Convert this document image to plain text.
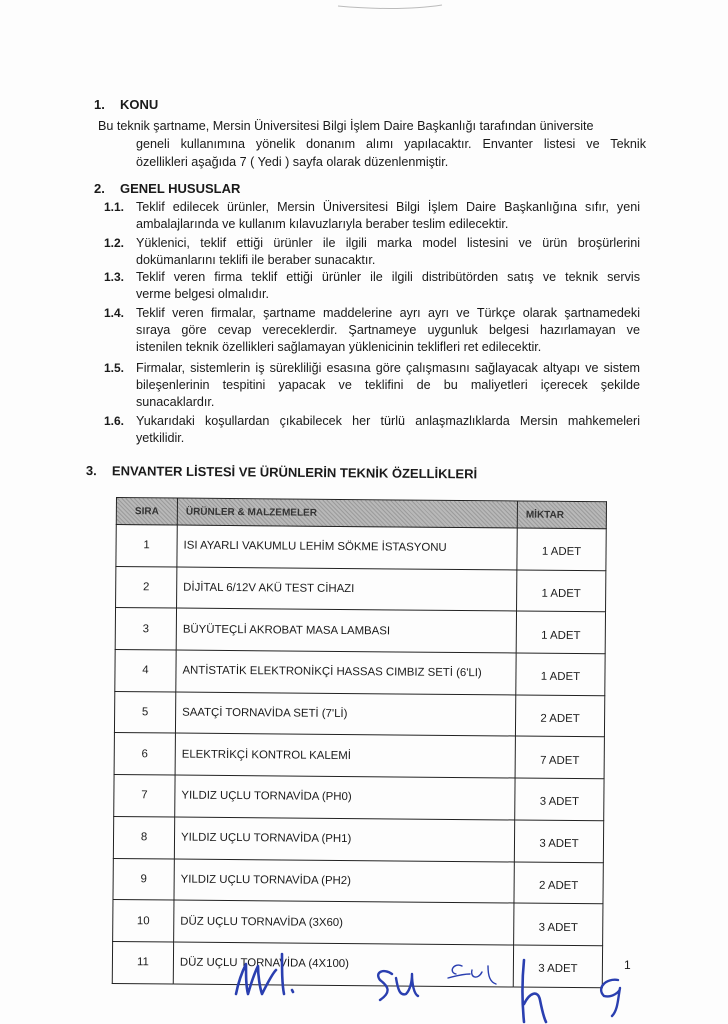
1. KONU
Bu teknik şartname, Mersin Üniversitesi Bilgi İşlem Daire Başkanlığı tarafından üniversite
geneli kullanımına yönelik donanım alımı yapılacaktır. Envanter listesi ve Teknik
özellikleri aşağıda 7 ( Yedi ) sayfa olarak düzenlenmiştir.
2. GENEL HUSUSLAR
1.1. Teklif edilecek ürünler, Mersin Üniversitesi Bilgi İşlem Daire Başkanlığına sıfır, yeni
ambalajlarında ve kullanım kılavuzlarıyla beraber teslim edilecektir.
1.2. Yüklenici, teklif ettiği ürünler ile ilgili marka model listesini ve ürün broşürlerini
dokümanlarını teklifi ile beraber sunacaktır.
1.3. Teklif veren firma teklif ettiği ürünler ile ilgili distribütörden satış ve teknik servis
verme belgesi olmalıdır.
1.4. Teklif veren firmalar, şartname maddelerine ayrı ayrı ve Türkçe olarak şartnamedeki
sıraya göre cevap vereceklerdir. Şartnameye uygunluk belgesi hazırlamayan ve
istenilen teknik özellikleri sağlamayan yüklenicinin teklifleri ret edilecektir.
1.5. Firmalar, sistemlerin iş sürekliliği esasına göre çalışmasını sağlayacak altyapı ve sistem
bileşenlerinin tespitini yapacak ve teklifini de bu maliyetleri içerecek şekilde
sunacaklardır.
1.6. Yukarıdaki koşullardan çıkabilecek her türlü anlaşmazlıklarda Mersin mahkemeleri
yetkilidir.
3. ENVANTER LİSTESİ VE ÜRÜNLERİN TEKNİK ÖZELLİKLERİ
SIRA	ÜRÜNLER & MALZEMELER	MİKTAR
1	ISI AYARLI VAKUMLU LEHİM SÖKME İSTASYONU	1 ADET
2	DİJİTAL 6/12V AKÜ TEST CİHAZI	1 ADET
3	BÜYÜTEÇLİ AKROBAT MASA LAMBASI	1 ADET
4	ANTİSTATİK ELEKTRONİKÇİ HASSAS CIMBIZ SETİ (6'LI)	1 ADET
5	SAATÇİ TORNAVİDA SETİ (7'Lİ)	2 ADET
6	ELEKTRİKÇİ KONTROL KALEMİ	7 ADET
7	YILDIZ UÇLU TORNAVİDA (PH0)	3 ADET
8	YILDIZ UÇLU TORNAVİDA (PH1)	3 ADET
9	YILDIZ UÇLU TORNAVİDA (PH2)	2 ADET
10	DÜZ UÇLU TORNAVİDA (3X60)	3 ADET
11	DÜZ UÇLU TORNAVİDA (4X100)	3 ADET	1
